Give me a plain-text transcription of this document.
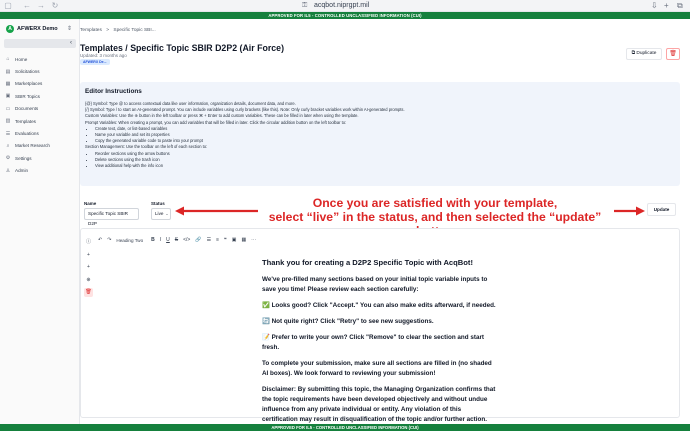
▢ ← → ↻	⚿ acqbot.niprgpt.mil	⇩ + ⧉
APPROVED FOR IL5 - CONTROLLED UNCLASSIFIED INFORMATION (CUI)
A AFWERX Demo ⇕
‹
⌂	Home
▤ Solicitations
▦ Marketplaces
▣ SBIR Topics
▭ Documents
▥ Templates
☰ Evaluations
⌕	Market Research
⚙ Settings
♙ Admin
Templates > Specific Topic SBI...
Templates / Specific Topic SBIR D2P2 (Air Force)
Updated: 3 months ago
AFWERX De...
⧉ Duplicate	🗑
Editor Instructions

{@} Symbol: Type @ to access contextual data like user information, organization details, document data, and more.

{/} Symbol: Type / to start an AI-generated prompt. You can include variables using curly brackets (like this). Note: Only curly bracket variables work within AI-generated prompts.

Custom Variables: Use the ⊕ button in the left toolbar or press ⌘ + Enter to add custom variables. These can be filled in later when using the template.

Prompt Variables: When creating a prompt, you can add variables that will be filled in later. Click the circular addition button on the left toolbar to:

• Create text, date, or list-based variables
• Name your variable and set its properties
• Copy the generated variable code to paste into your prompt

Section Management: Use the toolbar on the left of each section to:

• Reorder sections using the arrow buttons
• Delete sections using the trash icon
• View additional help with the info icon
Name
Specific Topic SBIR D2P
Status
Live ⌄
Update
Once you are satisfied with your template,
select “live” in the status, and then selected the “update”
↶ ↷ Heading Two B I U S </> 🔗 ☰ ≡ ❝ ▣ ▦ ⋯
ⓘ
+
+
⊕
🗑
Thank you for creating a D2P2 Specific Topic with AcqBot!

We've pre-filled many sections based on your initial topic variable inputs to save you time! Please review each section carefully:

✅ Looks good? Click "Accept." You can also make edits afterward, if needed.

🔄 Not quite right? Click "Retry" to see new suggestions.

📝 Prefer to write your own? Click "Remove" to clear the section and start fresh.

To complete your submission, make sure all sections are filled in (no shaded AI boxes). We look forward to reviewing your submission!

Disclaimer: By submitting this topic, the Managing Organization confirms that the topic requirements have been developed objectively and without undue influence from any private individual or entity. Any violation of this certification may result in disqualification of the topic and/or further action.

APPROVED FOR IL5 - CONTROLLED UNCLASSIFIED INFORMATION (CUI)
